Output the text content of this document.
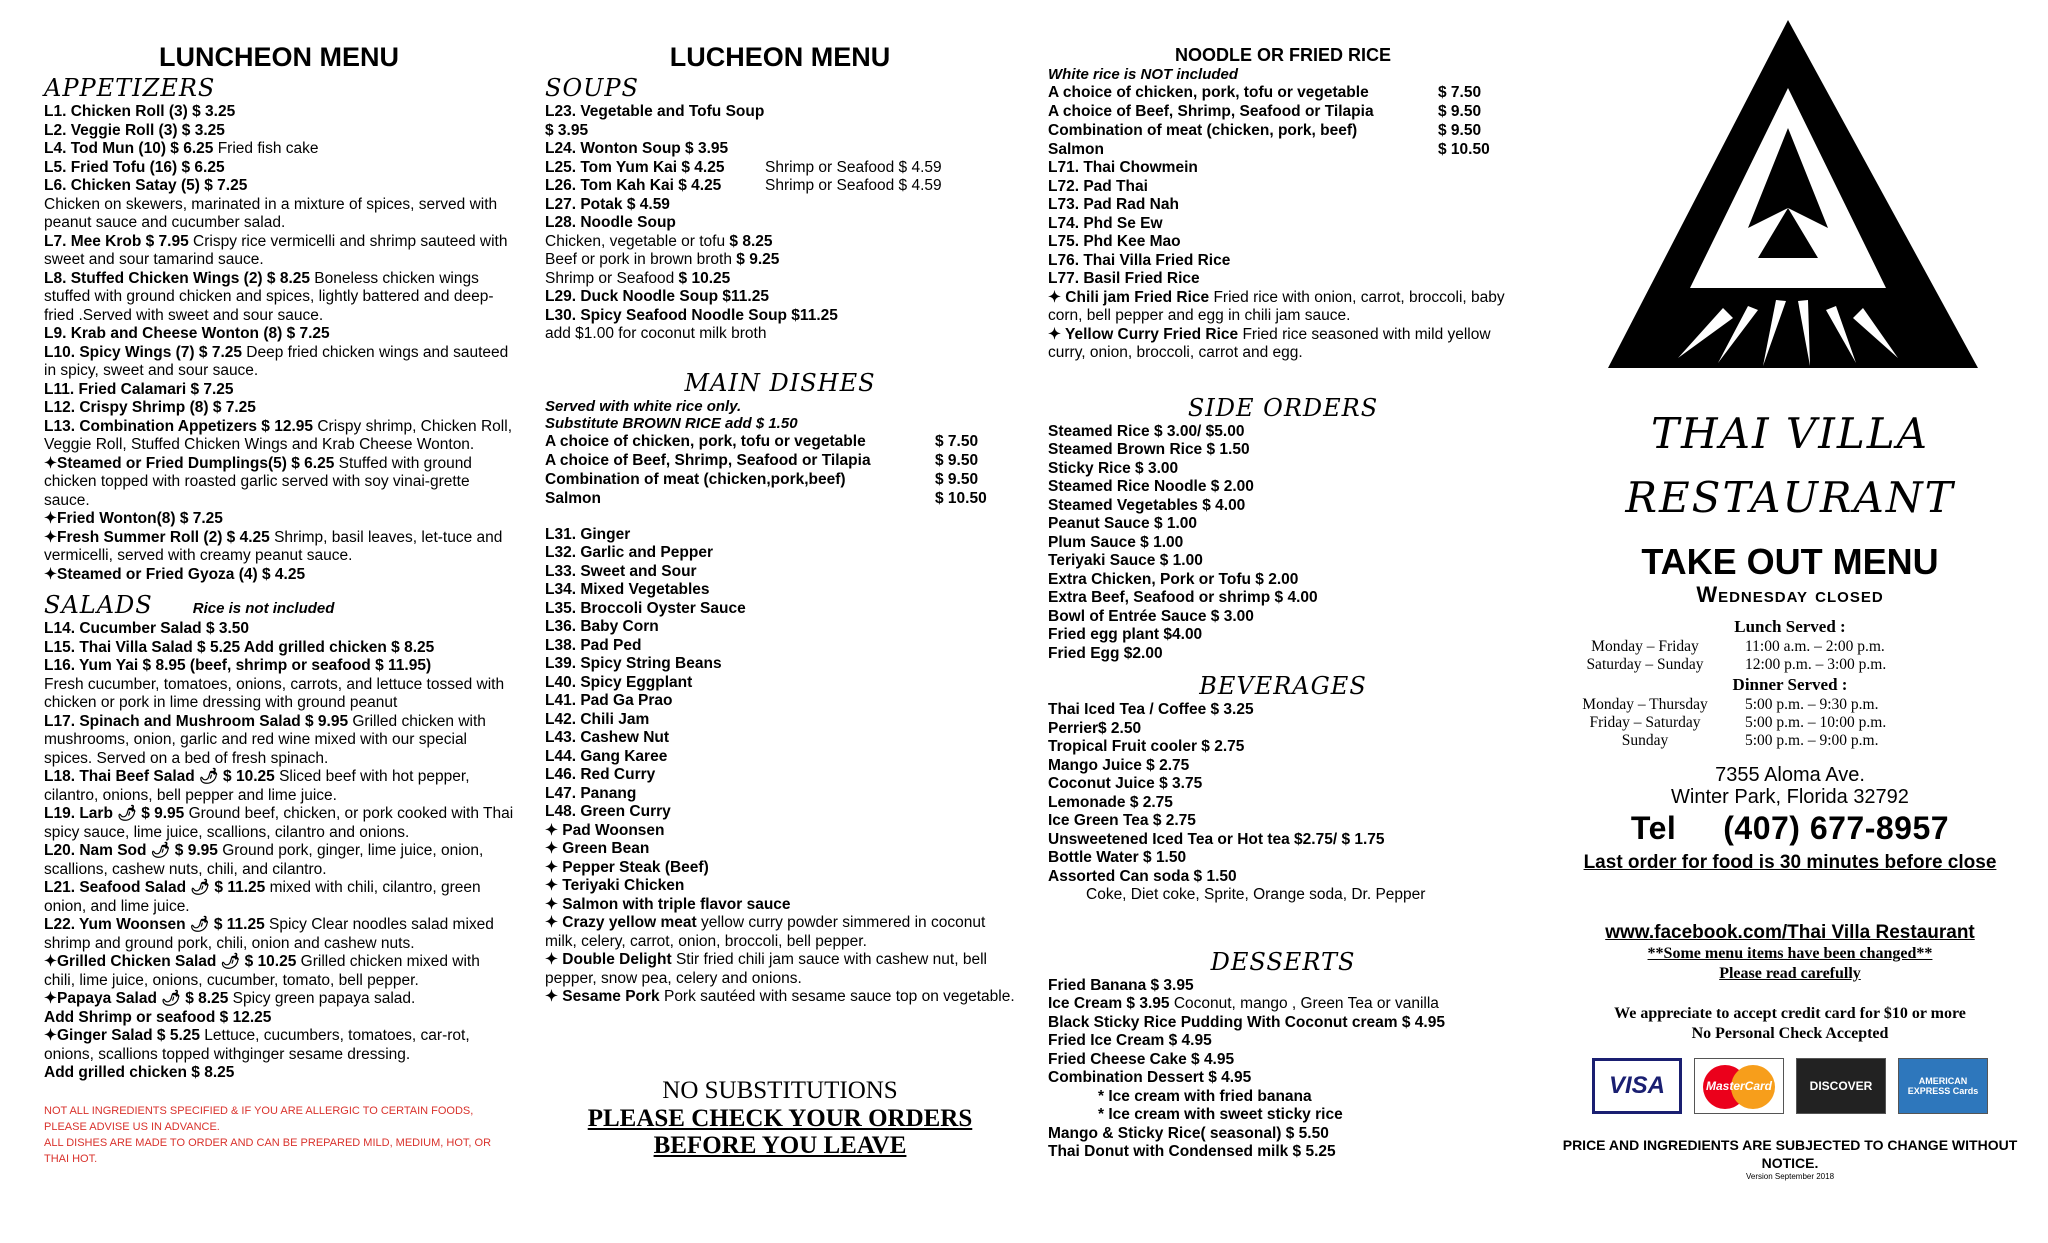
LUNCHEON MENU
APPETIZERS
L1. Chicken Roll (3) $ 3.25
L2. Veggie Roll (3) $ 3.25
L4. Tod Mun (10) $ 6.25 Fried fish cake
L5. Fried Tofu (16) $ 6.25
L6. Chicken Satay (5) $ 7.25
Chicken on skewers, marinated in a mixture of spices, served with peanut sauce and cucumber salad.
L7. Mee Krob $ 7.95 Crispy rice vermicelli and shrimp sauteed with sweet and sour tamarind sauce.
L8. Stuffed Chicken Wings (2) $ 8.25 Boneless chicken wings stuffed with ground chicken and spices, lightly battered and deep-fried .Served with sweet and sour sauce.
L9. Krab and Cheese Wonton (8) $ 7.25
L10. Spicy Wings (7) $ 7.25 Deep fried chicken wings and sauteed in spicy, sweet and sour sauce.
L11. Fried Calamari $ 7.25
L12. Crispy Shrimp (8) $ 7.25
L13. Combination Appetizers $ 12.95 Crispy shrimp, Chicken Roll, Veggie Roll, Stuffed Chicken Wings and Krab Cheese Wonton.
✦Steamed or Fried Dumplings(5) $ 6.25 Stuffed with ground chicken topped with roasted garlic served with soy vinai-grette sauce.
✦Fried Wonton(8) $ 7.25
✦Fresh Summer Roll (2) $ 4.25 Shrimp, basil leaves, let-tuce and vermicelli, served with creamy peanut sauce.
✦Steamed or Fried Gyoza (4) $ 4.25
SALADS	Rice is not included
L14. Cucumber Salad $ 3.50
L15. Thai Villa Salad $ 5.25 Add grilled chicken $ 8.25
L16. Yum Yai $ 8.95 (beef, shrimp or seafood $ 11.95)
Fresh cucumber, tomatoes, onions, carrots, and lettuce tossed with chicken or pork in lime dressing with ground peanut
L17. Spinach and Mushroom Salad $ 9.95 Grilled chicken with mushrooms, onion, garlic and red wine mixed with our special spices. Served on a bed of fresh spinach.
L18. Thai Beef Salad 🌶 $ 10.25 Sliced beef with hot pepper, cilantro, onions, bell pepper and lime juice.
L19. Larb 🌶 $ 9.95 Ground beef, chicken, or pork cooked with Thai spicy sauce, lime juice, scallions, cilantro and onions.
L20. Nam Sod 🌶 $ 9.95 Ground pork, ginger, lime juice, onion, scallions, cashew nuts, chili, and cilantro.
L21. Seafood Salad 🌶 $ 11.25 mixed with chili, cilantro, green onion, and lime juice.
L22. Yum Woonsen 🌶 $ 11.25 Spicy Clear noodles salad mixed shrimp and ground pork, chili, onion and cashew nuts.
✦Grilled Chicken Salad 🌶 $ 10.25 Grilled chicken mixed with chili, lime juice, onions, cucumber, tomato, bell pepper.
✦Papaya Salad 🌶 $ 8.25 Spicy green papaya salad.
Add Shrimp or seafood $ 12.25
✦Ginger Salad $ 5.25 Lettuce, cucumbers, tomatoes, car-rot, onions, scallions topped withginger sesame dressing.
Add grilled chicken $ 8.25
NOT ALL INGREDIENTS SPECIFIED & IF YOU ARE ALLERGIC TO CERTAIN FOODS, PLEASE ADVISE US IN ADVANCE.
ALL DISHES ARE MADE TO ORDER AND CAN BE PREPARED MILD, MEDIUM, HOT, OR THAI HOT.
LUCHEON MENU
SOUPS
L23. Vegetable and Tofu Soup $ 3.95
L24. Wonton Soup $ 3.95
L25. Tom Yum Kai $ 4.25	Shrimp or Seafood $ 4.59
L26. Tom Kah Kai $ 4.25	Shrimp or Seafood $ 4.59
L27. Potak $ 4.59
L28. Noodle Soup
Chicken, vegetable or tofu $ 8.25
Beef or pork in brown broth $ 9.25
Shrimp or Seafood $ 10.25
L29. Duck Noodle Soup $11.25
L30. Spicy Seafood Noodle Soup $11.25
add $1.00 for coconut milk broth
MAIN DISHES
Served with white rice only.
Substitute BROWN RICE add $ 1.50
A choice of chicken, pork, tofu or vegetable	$ 7.50
A choice of Beef, Shrimp, Seafood or Tilapia	$ 9.50
Combination of meat (chicken,pork,beef)	$ 9.50
Salmon	$ 10.50
L31. Ginger
L32. Garlic and Pepper
L33. Sweet and Sour
L34. Mixed Vegetables
L35. Broccoli Oyster Sauce
L36. Baby Corn
L38. Pad Ped
L39. Spicy String Beans
L40. Spicy Eggplant
L41. Pad Ga Prao
L42. Chili Jam
L43. Cashew Nut
L44. Gang Karee
L46. Red Curry
L47. Panang
L48. Green Curry
✦ Pad Woonsen
✦ Green Bean
✦ Pepper Steak (Beef)
✦ Teriyaki Chicken
✦ Salmon with triple flavor sauce
✦ Crazy yellow meat yellow curry powder simmered in coconut milk, celery, carrot, onion, broccoli, bell pepper.
✦ Double Delight Stir fried chili jam sauce with cashew nut, bell pepper, snow pea, celery and onions.
✦ Sesame Pork Pork sautéed with sesame sauce top on vegetable.
NO SUBSTITUTIONS
PLEASE CHECK YOUR ORDERS
BEFORE YOU LEAVE
NOODLE OR FRIED RICE
White rice is NOT included
A choice of chicken, pork, tofu or vegetable	$ 7.50
A choice of Beef, Shrimp, Seafood or Tilapia	$ 9.50
Combination of meat (chicken, pork, beef)	$ 9.50
Salmon	$ 10.50
L71. Thai Chowmein
L72. Pad Thai
L73. Pad Rad Nah
L74. Phd Se Ew
L75. Phd Kee Mao
L76. Thai Villa Fried Rice
L77. Basil Fried Rice
✦ Chili jam Fried Rice Fried rice with onion, carrot, broccoli, baby corn, bell pepper and egg in chili jam sauce.
✦ Yellow Curry Fried Rice Fried rice seasoned with mild yellow curry, onion, broccoli, carrot and egg.
SIDE ORDERS
Steamed Rice $ 3.00/ $5.00
Steamed Brown Rice $ 1.50
Sticky Rice $ 3.00
Steamed Rice Noodle $ 2.00
Steamed Vegetables $ 4.00
Peanut Sauce $ 1.00
Plum Sauce $ 1.00
Teriyaki Sauce $ 1.00
Extra Chicken, Pork or Tofu $ 2.00
Extra Beef, Seafood or shrimp $ 4.00
Bowl of Entrée Sauce $ 3.00
Fried egg plant $4.00
Fried Egg $2.00
BEVERAGES
Thai Iced Tea / Coffee $ 3.25
Perrier$ 2.50
Tropical Fruit cooler $ 2.75
Mango Juice $ 2.75
Coconut Juice $ 3.75
Lemonade $ 2.75
Ice Green Tea $ 2.75
Unsweetened Iced Tea or Hot tea $2.75/ $ 1.75
Bottle Water $ 1.50
Assorted Can soda $ 1.50
Coke, Diet coke, Sprite, Orange soda, Dr. Pepper
DESSERTS
Fried Banana $ 3.95
Ice Cream $ 3.95 Coconut, mango , Green Tea or vanilla
Black Sticky Rice Pudding With Coconut cream $ 4.95
Fried Ice Cream $ 4.95
Fried Cheese Cake $ 4.95
Combination Dessert $ 4.95
* Ice cream with fried banana
* Ice cream with sweet sticky rice
Mango & Sticky Rice( seasonal) $ 5.50
Thai Donut with Condensed milk $ 5.25
THAI VILLA
RESTAURANT
TAKE OUT MENU
Wednesday closed
Lunch Served :
Monday – Friday	11:00 a.m. – 2:00 p.m.
Saturday – Sunday	12:00 p.m. – 3:00 p.m.
Dinner Served :
Monday – Thursday	5:00 p.m. – 9:30 p.m.
Friday – Saturday	5:00 p.m. – 10:00 p.m.
Sunday	5:00 p.m. – 9:00 p.m.
7355 Aloma Ave.
Winter Park, Florida 32792
Tel     (407) 677-8957
Last order for food is 30 minutes before close
www.facebook.com/Thai Villa Restaurant
**Some menu items have been changed**
Please read carefully
We appreciate to accept credit card for $10 or more
No Personal Check Accepted
VISA	MasterCard	DISCOVER	AMERICAN EXPRESS Cards
PRICE AND INGREDIENTS ARE SUBJECTED TO CHANGE WITHOUT NOTICE.
Version September 2018
